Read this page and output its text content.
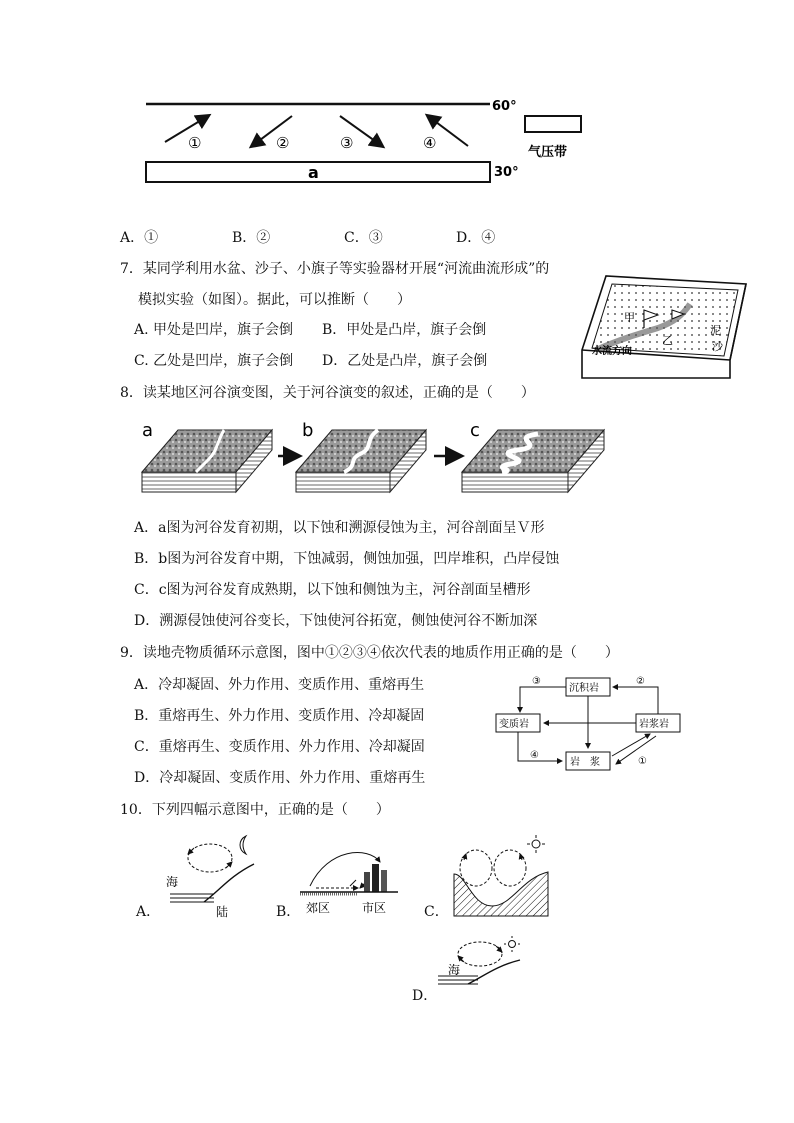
①	②	③	④
a
60°
30°
气压带
A．①	B．②	C．③	D．④
7．某同学利用水盆、沙子、小旗子等实验器材开展“河流曲流形成”的
模拟实验（如图）。据此，可以推断（　　）
A. 甲处是凹岸，旗子会倒 B．甲处是凸岸，旗子会倒
C. 乙处是凹岸，旗子会倒 D．乙处是凸岸，旗子会倒
甲
乙
水流方向
泥
沙
8．读某地区河谷演变图，关于河谷演变的叙述，正确的是（　　）
a	b	c
A．a图为河谷发育初期，以下蚀和溯源侵蚀为主，河谷剖面呈Ｖ形
B．b图为河谷发育中期，下蚀减弱，侧蚀加强，凹岸堆积，凸岸侵蚀
C．c图为河谷发育成熟期，以下蚀和侧蚀为主，河谷剖面呈槽形
D．溯源侵蚀使河谷变长，下蚀使河谷拓宽，侧蚀使河谷不断加深
9．读地壳物质循环示意图，图中①②③④依次代表的地质作用正确的是（　　）
A．冷却凝固、外力作用、变质作用、重熔再生
B．重熔再生、外力作用、变质作用、冷却凝固
C．重熔再生、变质作用、外力作用、冷却凝固
D．冷却凝固、变质作用、外力作用、重熔再生
沉积岩
变质岩	岩浆岩
岩　浆
③	②
④
①
10．下列四幅示意图中，正确的是（　　）
海
陆
A．	郊区	市区
B．	C．
海
D．
